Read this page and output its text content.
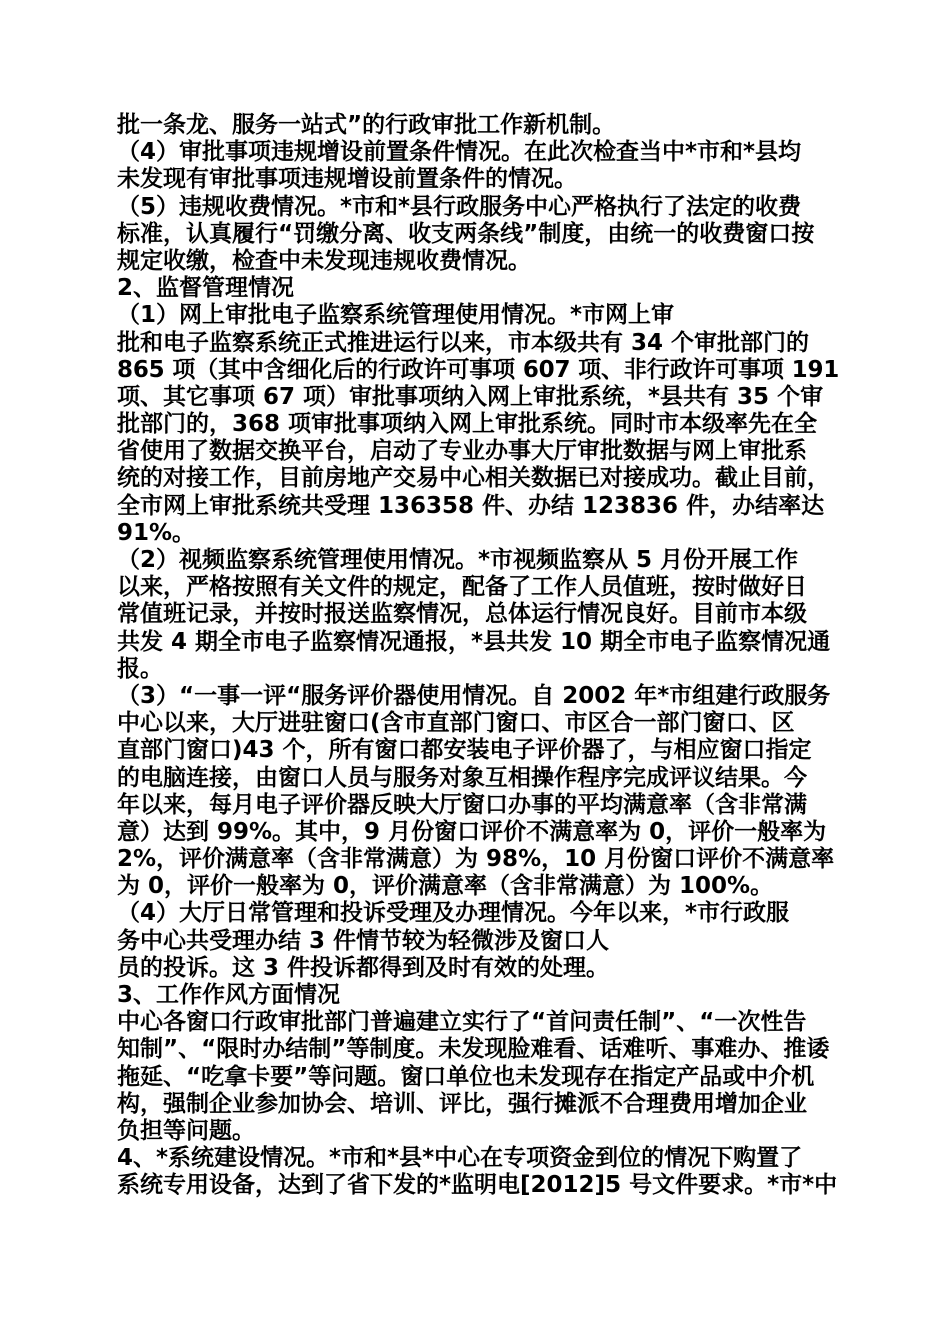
批一条龙、服务一站式”的行政审批工作新机制。
（4）审批事项违规增设前置条件情况。在此次检查当中*市和*县均
未发现有审批事项违规增设前置条件的情况。
（5）违规收费情况。*市和*县行政服务中心严格执行了法定的收费
标准，认真履行“罚缴分离、收支两条线”制度，由统一的收费窗口按
规定收缴，检查中未发现违规收费情况。
2、监督管理情况
（1）网上审批电子监察系统管理使用情况。*市网上审
批和电子监察系统正式推进运行以来，市本级共有 34 个审批部门的
865 项（其中含细化后的行政许可事项 607 项、非行政许可事项 191
项、其它事项 67 项）审批事项纳入网上审批系统，*县共有 35 个审
批部门的，368 项审批事项纳入网上审批系统。同时市本级率先在全
省使用了数据交换平台，启动了专业办事大厅审批数据与网上审批系
统的对接工作，目前房地产交易中心相关数据已对接成功。截止目前，
全市网上审批系统共受理 136358 件、办结 123836 件，办结率达
91%。
（2）视频监察系统管理使用情况。*市视频监察从 5 月份开展工作
以来，严格按照有关文件的规定，配备了工作人员值班，按时做好日
常值班记录，并按时报送监察情况，总体运行情况良好。目前市本级
共发 4 期全市电子监察情况通报，*县共发 10 期全市电子监察情况通
报。
（3）“一事一评“服务评价器使用情况。自 2002 年*市组建行政服务
中心以来，大厅进驻窗口(含市直部门窗口、市区合一部门窗口、区
直部门窗口)43 个，所有窗口都安装电子评价器了，与相应窗口指定
的电脑连接，由窗口人员与服务对象互相操作程序完成评议结果。今
年以来，每月电子评价器反映大厅窗口办事的平均满意率（含非常满
意）达到 99%。其中，9 月份窗口评价不满意率为 0，评价一般率为
2%，评价满意率（含非常满意）为 98%，10 月份窗口评价不满意率
为 0，评价一般率为 0，评价满意率（含非常满意）为 100%。
（4）大厅日常管理和投诉受理及办理情况。今年以来，*市行政服
务中心共受理办结 3 件情节较为轻微涉及窗口人
员的投诉。这 3 件投诉都得到及时有效的处理。
3、工作作风方面情况
中心各窗口行政审批部门普遍建立实行了“首问责任制”、“一次性告
知制”、“限时办结制”等制度。未发现脸难看、话难听、事难办、推诿
拖延、“吃拿卡要”等问题。窗口单位也未发现存在指定产品或中介机
构，强制企业参加协会、培训、评比，强行摊派不合理费用增加企业
负担等问题。
4、*系统建设情况。*市和*县*中心在专项资金到位的情况下购置了
系统专用设备，达到了省下发的*监明电[2012]5 号文件要求。*市*中
